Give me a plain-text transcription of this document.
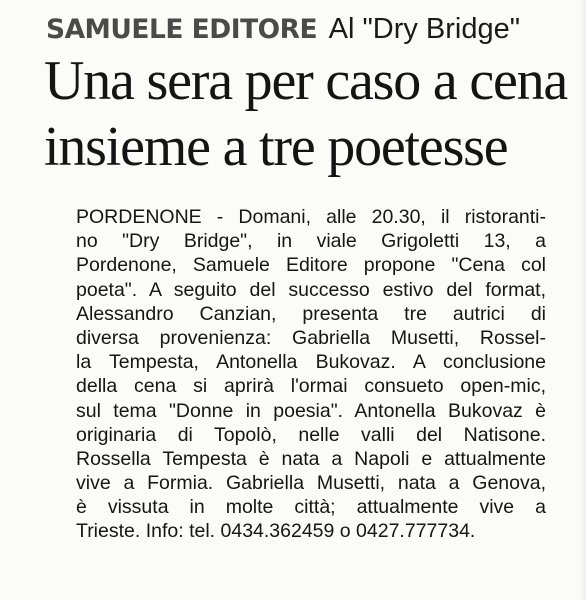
SAMUELE EDITORE Al "Dry Bridge"
Una sera per caso a cena
insieme a tre poetesse
PORDENONE - Domani, alle 20.30, il ristoranti-
no "Dry Bridge", in viale Grigoletti 13, a
Pordenone, Samuele Editore propone "Cena col
poeta". A seguito del successo estivo del format,
Alessandro Canzian, presenta tre autrici di
diversa provenienza: Gabriella Musetti, Rossel-
la Tempesta, Antonella Bukovaz. A conclusione
della cena si aprirà l'ormai consueto open-mic,
sul tema "Donne in poesia". Antonella Bukovaz è
originaria di Topolò, nelle valli del Natisone.
Rossella Tempesta è nata a Napoli e attualmente
vive a Formia. Gabriella Musetti, nata a Genova,
è vissuta in molte città; attualmente vive a
Trieste. Info: tel. 0434.362459 o 0427.777734.
